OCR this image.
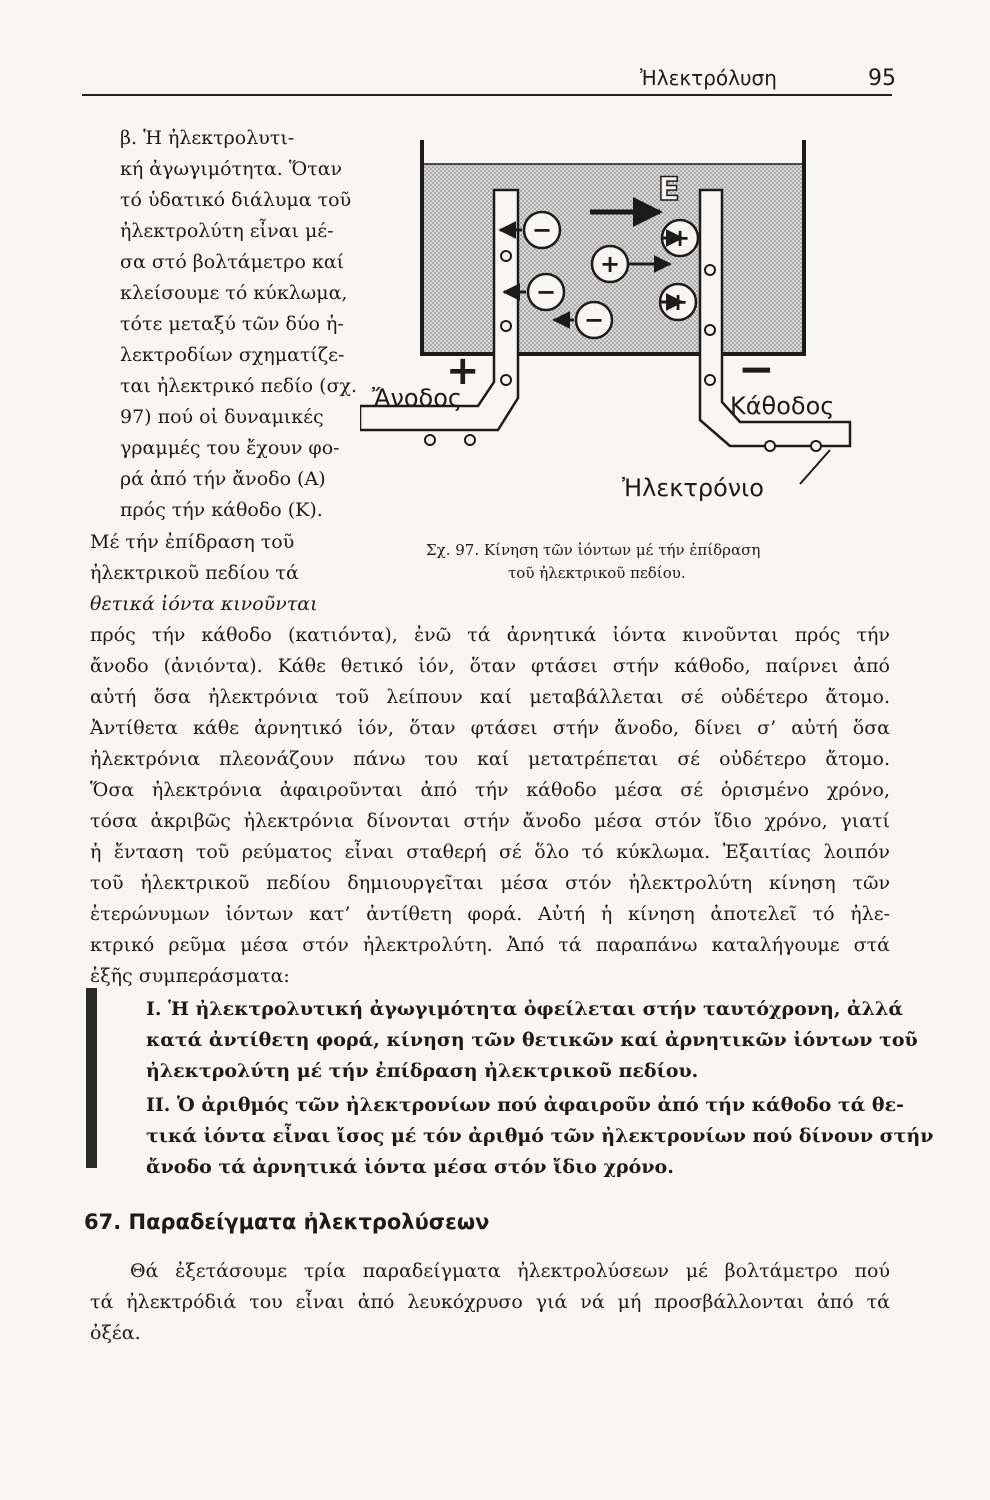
Ἠλεκτρόλυση	95
β. Ἡ ἠλεκτρολυτι-
κή ἀγωγιμότητα. Ὅταν
τό ὑδατικό διάλυμα τοῦ
ἠλεκτρολύτη εἶναι μέ-
σα στό βολτάμετρο καί
κλείσουμε τό κύκλωμα,
τότε μεταξύ τῶν δύο ἠ-
λεκτροδίων σχηματίζε-
ται ἠλεκτρικό πεδίο (σχ.
97) πού οἱ δυναμικές
γραμμές του ἔχουν φο-
ρά ἀπό τήν ἄνοδο (Α)
πρός τήν κάθοδο (Κ).
Μέ τήν ἐπίδραση τοῦ
ἠλεκτρικοῦ πεδίου τά
θετικά ἰόντα κινοῦνται
−
+
−
−
+
+
E
+	−
Ἄνοδος	Κάθοδος
Ἠλεκτρόνιο
Σχ. 97. Κίνηση τῶν ἰόντων μέ τήν ἐπίδραση
τοῦ ἠλεκτρικοῦ πεδίου.
πρός τήν κάθοδο (κατιόντα), ἐνῶ τά ἀρνητικά ἰόντα κινοῦνται πρός τήν
ἄνοδο (ἀνιόντα). Κάθε θετικό ἰόν, ὅταν φτάσει στήν κάθοδο, παίρνει ἀπό
αὐτή ὅσα ἠλεκτρόνια τοῦ λείπουν καί μεταβάλλεται σέ οὐδέτερο ἄτομο.
Ἀντίθετα κάθε ἀρνητικό ἰόν, ὅταν φτάσει στήν ἄνοδο, δίνει σ’ αὐτή ὅσα
ἠλεκτρόνια πλεονάζουν πάνω του καί μετατρέπεται σέ οὐδέτερο ἄτομο.
Ὅσα ἠλεκτρόνια ἀφαιροῦνται ἀπό τήν κάθοδο μέσα σέ ὁρισμένο χρόνο,
τόσα ἀκριβῶς ἠλεκτρόνια δίνονται στήν ἄνοδο μέσα στόν ἴδιο χρόνο, γιατί
ἡ ἔνταση τοῦ ρεύματος εἶναι σταθερή σέ ὅλο τό κύκλωμα. Ἐξαιτίας λοιπόν
τοῦ ἠλεκτρικοῦ πεδίου δημιουργεῖται μέσα στόν ἠλεκτρολύτη κίνηση τῶν
ἑτερώνυμων ἰόντων κατ’ ἀντίθετη φορά. Αὐτή ἡ κίνηση ἀποτελεῖ τό ἠλε-
κτρικό ρεῦμα μέσα στόν ἠλεκτρολύτη. Ἀπό τά παραπάνω καταλήγουμε στά
ἑξῆς συμπεράσματα:
I. Ἡ ἠλεκτρολυτική ἀγωγιμότητα ὀφείλεται στήν ταυτόχρονη, ἀλλά
κατά ἀντίθετη φορά, κίνηση τῶν θετικῶν καί ἀρνητικῶν ἰόντων τοῦ
ἠλεκτρολύτη μέ τήν ἐπίδραση ἠλεκτρικοῦ πεδίου.
II. Ὁ ἀριθμός τῶν ἠλεκτρονίων πού ἀφαιροῦν ἀπό τήν κάθοδο τά θε-
τικά ἰόντα εἶναι ἴσος μέ τόν ἀριθμό τῶν ἠλεκτρονίων πού δίνουν στήν
ἄνοδο τά ἀρνητικά ἰόντα μέσα στόν ἴδιο χρόνο.
67. Παραδείγματα ἠλεκτρολύσεων
Θά ἐξετάσουμε τρία παραδείγματα ἠλεκτρολύσεων μέ βολτάμετρο πού
τά ἠλεκτρόδιά του εἶναι ἀπό λευκόχρυσο γιά νά μή προσβάλλονται ἀπό τά
ὀξέα.
